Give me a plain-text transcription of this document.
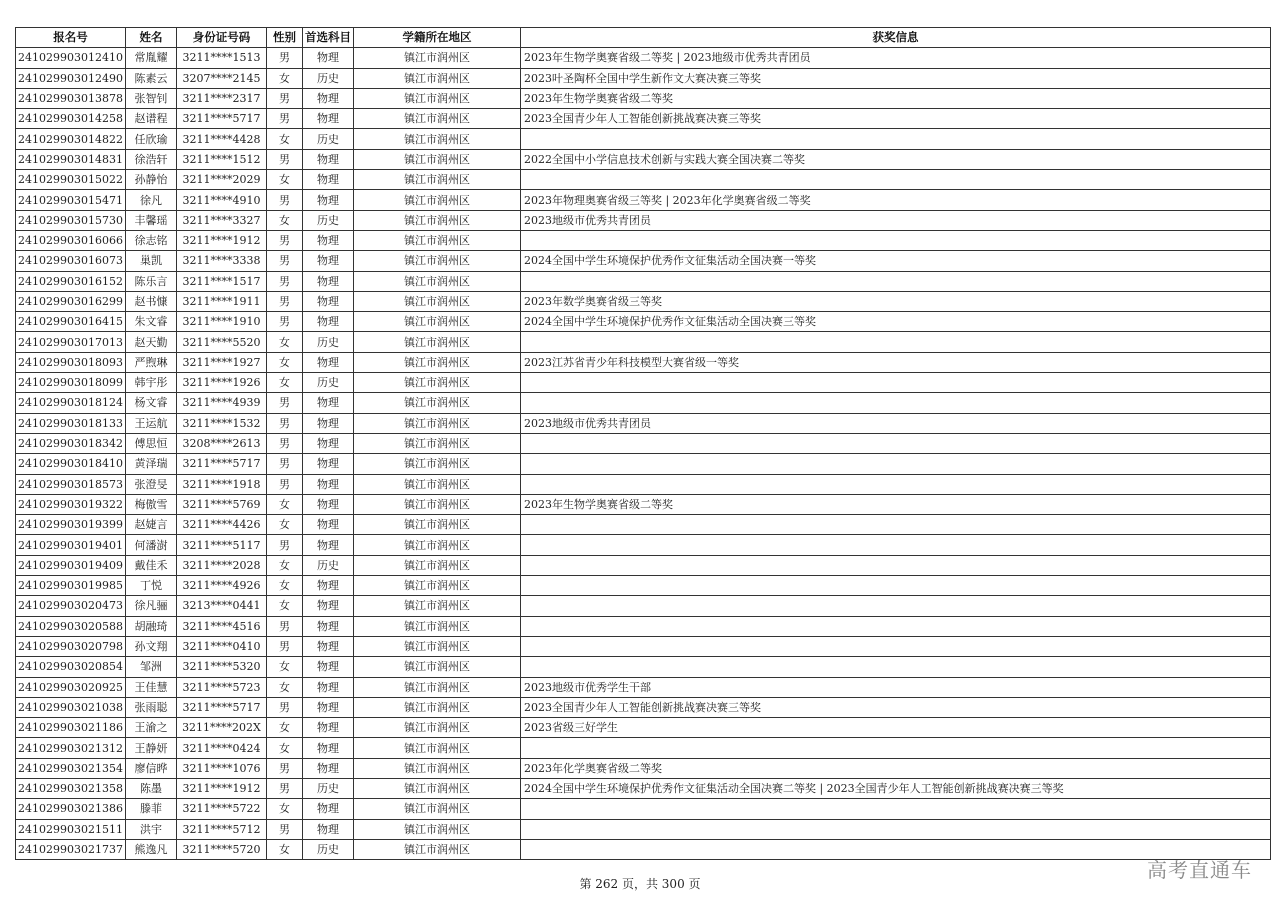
报名号	姓名	身份证号码	性别	首选科目	学籍所在地区	获奖信息
241029903012410	常胤耀	3211****1513	男	物理	镇江市润州区	2023年生物学奥赛省级二等奖 | 2023地级市优秀共青团员
241029903012490	陈素云	3207****2145	女	历史	镇江市润州区	2023叶圣陶杯全国中学生新作文大赛决赛三等奖
241029903013878	张智钊	3211****2317	男	物理	镇江市润州区	2023年生物学奥赛省级二等奖
241029903014258	赵谱程	3211****5717	男	物理	镇江市润州区	2023全国青少年人工智能创新挑战赛决赛三等奖
241029903014822	任欣瑜	3211****4428	女	历史	镇江市润州区	
241029903014831	徐浩轩	3211****1512	男	物理	镇江市润州区	2022全国中小学信息技术创新与实践大赛全国决赛二等奖
241029903015022	孙静怡	3211****2029	女	物理	镇江市润州区	
241029903015471	徐凡	3211****4910	男	物理	镇江市润州区	2023年物理奥赛省级三等奖 | 2023年化学奥赛省级二等奖
241029903015730	丰馨瑶	3211****3327	女	历史	镇江市润州区	2023地级市优秀共青团员
241029903016066	徐志铭	3211****1912	男	物理	镇江市润州区	
241029903016073	巢凯	3211****3338	男	物理	镇江市润州区	2024全国中学生环境保护优秀作文征集活动全国决赛一等奖
241029903016152	陈乐言	3211****1517	男	物理	镇江市润州区	
241029903016299	赵书慷	3211****1911	男	物理	镇江市润州区	2023年数学奥赛省级三等奖
241029903016415	朱文睿	3211****1910	男	物理	镇江市润州区	2024全国中学生环境保护优秀作文征集活动全国决赛三等奖
241029903017013	赵天勤	3211****5520	女	历史	镇江市润州区	
241029903018093	严煦琳	3211****1927	女	物理	镇江市润州区	2023江苏省青少年科技模型大赛省级一等奖
241029903018099	韩宇彤	3211****1926	女	历史	镇江市润州区	
241029903018124	杨文睿	3211****4939	男	物理	镇江市润州区	
241029903018133	王运航	3211****1532	男	物理	镇江市润州区	2023地级市优秀共青团员
241029903018342	傅思恒	3208****2613	男	物理	镇江市润州区	
241029903018410	黄泽瑞	3211****5717	男	物理	镇江市润州区	
241029903018573	张澄旻	3211****1918	男	物理	镇江市润州区	
241029903019322	梅傲雪	3211****5769	女	物理	镇江市润州区	2023年生物学奥赛省级二等奖
241029903019399	赵婕言	3211****4426	女	物理	镇江市润州区	
241029903019401	何潘澍	3211****5117	男	物理	镇江市润州区	
241029903019409	戴佳禾	3211****2028	女	历史	镇江市润州区	
241029903019985	丁悦	3211****4926	女	物理	镇江市润州区	
241029903020473	徐凡骊	3213****0441	女	物理	镇江市润州区	
241029903020588	胡融琦	3211****4516	男	物理	镇江市润州区	
241029903020798	孙文翔	3211****0410	男	物理	镇江市润州区	
241029903020854	邹洲	3211****5320	女	物理	镇江市润州区	
241029903020925	王佳慧	3211****5723	女	物理	镇江市润州区	2023地级市优秀学生干部
241029903021038	张雨聪	3211****5717	男	物理	镇江市润州区	2023全国青少年人工智能创新挑战赛决赛三等奖
241029903021186	王渝之	3211****202X	女	物理	镇江市润州区	2023省级三好学生
241029903021312	王静妍	3211****0424	女	物理	镇江市润州区	
241029903021354	廖信晔	3211****1076	男	物理	镇江市润州区	2023年化学奥赛省级二等奖
241029903021358	陈墨	3211****1912	男	历史	镇江市润州区	2024全国中学生环境保护优秀作文征集活动全国决赛二等奖 | 2023全国青少年人工智能创新挑战赛决赛三等奖
241029903021386	滕菲	3211****5722	女	物理	镇江市润州区	
241029903021511	洪宇	3211****5712	男	物理	镇江市润州区	
241029903021737	熊逸凡	3211****5720	女	历史	镇江市润州区	
第 262 页，共 300 页
高考直通车
